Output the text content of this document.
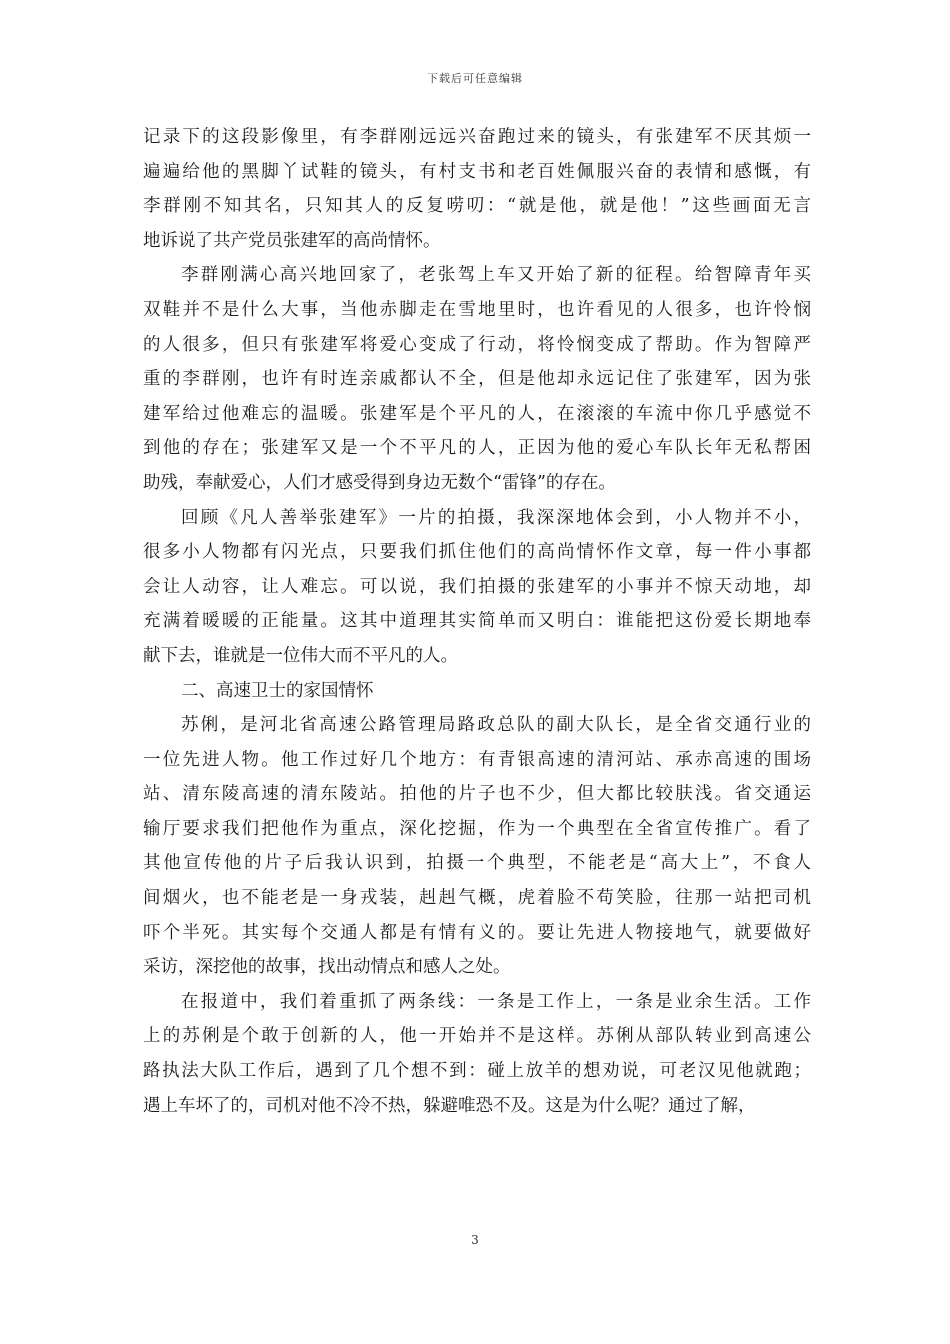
下载后可任意编辑
记录下的这段影像里，有李群刚远远兴奋跑过来的镜头，有张建军不厌其烦一
遍遍给他的黑脚丫试鞋的镜头，有村支书和老百姓佩服兴奋的表情和感慨，有
李群刚不知其名，只知其人的反复唠叨：“就是他，就是他！”这些画面无言
地诉说了共产党员张建军的高尚情怀。
李群刚满心高兴地回家了，老张驾上车又开始了新的征程。给智障青年买
双鞋并不是什么大事，当他赤脚走在雪地里时，也许看见的人很多，也许怜悯
的人很多，但只有张建军将爱心变成了行动，将怜悯变成了帮助。作为智障严
重的李群刚，也许有时连亲戚都认不全，但是他却永远记住了张建军，因为张
建军给过他难忘的温暖。张建军是个平凡的人，在滚滚的车流中你几乎感觉不
到他的存在；张建军又是一个不平凡的人，正因为他的爱心车队长年无私帮困
助残，奉献爱心，人们才感受得到身边无数个“雷锋”的存在。
回顾《凡人善举张建军》一片的拍摄，我深深地体会到，小人物并不小，
很多小人物都有闪光点，只要我们抓住他们的高尚情怀作文章，每一件小事都
会让人动容，让人难忘。可以说，我们拍摄的张建军的小事并不惊天动地，却
充满着暖暖的正能量。这其中道理其实简单而又明白：谁能把这份爱长期地奉
献下去，谁就是一位伟大而不平凡的人。
二、高速卫士的家国情怀
苏俐，是河北省高速公路管理局路政总队的副大队长，是全省交通行业的
一位先进人物。他工作过好几个地方：有青银高速的清河站、承赤高速的围场
站、清东陵高速的清东陵站。拍他的片子也不少，但大都比较肤浅。省交通运
输厅要求我们把他作为重点，深化挖掘，作为一个典型在全省宣传推广。看了
其他宣传他的片子后我认识到，拍摄一个典型，不能老是“高大上”，不食人
间烟火，也不能老是一身戎装，赳赳气概，虎着脸不苟笑脸，往那一站把司机
吓个半死。其实每个交通人都是有情有义的。要让先进人物接地气，就要做好
采访，深挖他的故事，找出动情点和感人之处。
在报道中，我们着重抓了两条线：一条是工作上，一条是业余生活。工作
上的苏俐是个敢于创新的人，他一开始并不是这样。苏俐从部队转业到高速公
路执法大队工作后，遇到了几个想不到：碰上放羊的想劝说，可老汉见他就跑；
遇上车坏了的，司机对他不冷不热，躲避唯恐不及。这是为什么呢？通过了解，
3
